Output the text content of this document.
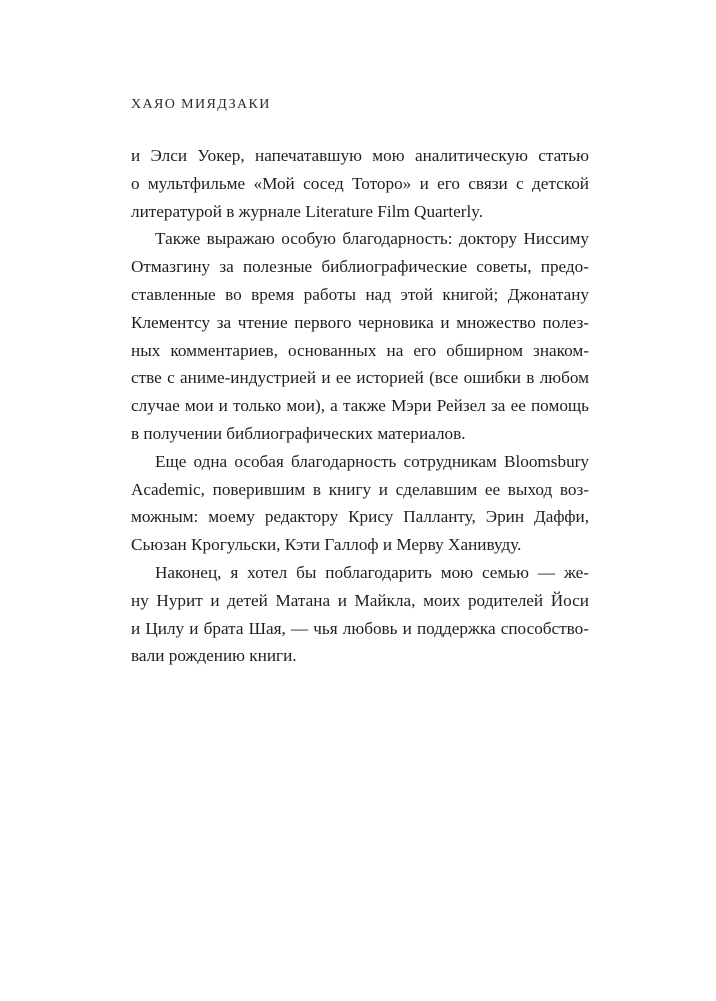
ХАЯО МИЯДЗАКИ
и Элси Уокер, напечатавшую мою аналитическую статью
о мультфильме «Мой сосед Тоторо» и его связи с детской
литературой в журнале Literature Film Quarterly.
Также выражаю особую благодарность: доктору Ниссиму
Отмазгину за полезные библиографические советы, предо-
ставленные во время работы над этой книгой; Джонатану
Клементсу за чтение первого черновика и множество полез-
ных комментариев, основанных на его обширном знаком-
стве с аниме-индустрией и ее историей (все ошибки в любом
случае мои и только мои), а также Мэри Рейзел за ее помощь
в получении библиографических материалов.
Еще одна особая благодарность сотрудникам Bloomsbury
Academic, поверившим в книгу и сделавшим ее выход воз-
можным: моему редактору Крису Палланту, Эрин Даффи,
Сьюзан Крогульски, Кэти Галлоф и Мерву Ханивуду.
Наконец, я хотел бы поблагодарить мою семью — же-
ну Нурит и детей Матана и Майкла, моих родителей Йоси
и Цилу и брата Шая, — чья любовь и поддержка способство-
вали рождению книги.
